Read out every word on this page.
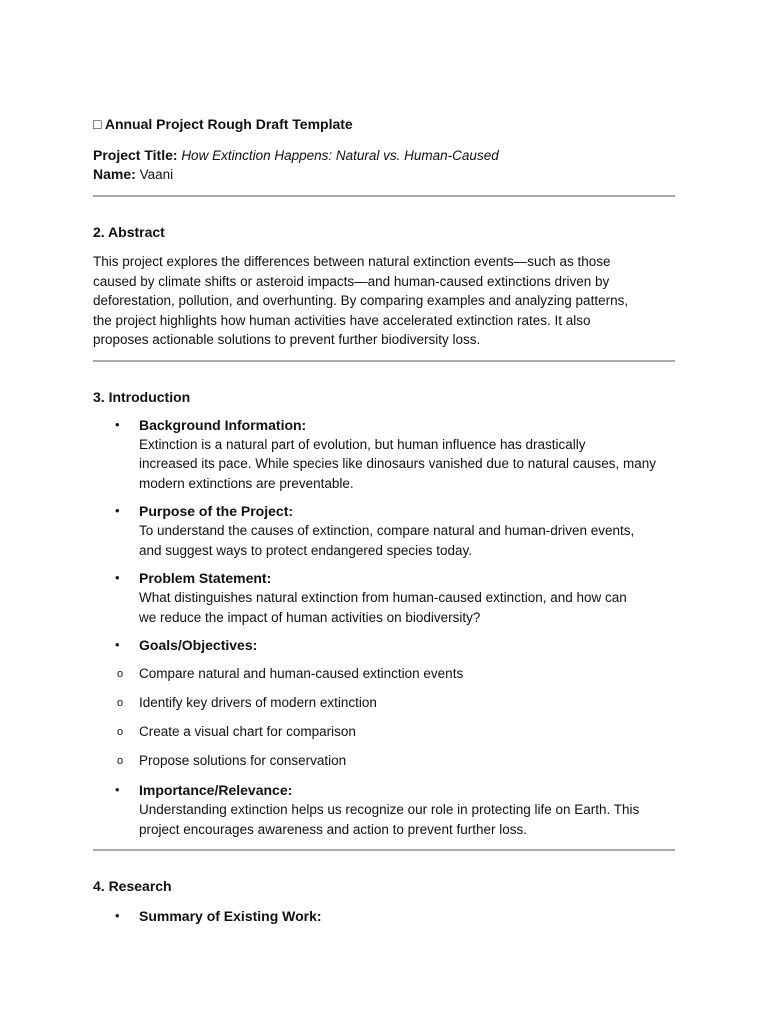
□ Annual Project Rough Draft Template

Project Title: How Extinction Happens: Natural vs. Human-Caused

Name: Vaani

2. Abstract
This project explores the differences between natural extinction events—such as those
caused by climate shifts or asteroid impacts—and human-caused extinctions driven by
deforestation, pollution, and overhunting. By comparing examples and analyzing patterns,
the project highlights how human activities have accelerated extinction rates. It also
proposes actionable solutions to prevent further biodiversity loss.
3. Introduction
• Background Information:
Extinction is a natural part of evolution, but human influence has drastically
increased its pace. While species like dinosaurs vanished due to natural causes, many
modern extinctions are preventable.
• Purpose of the Project:
To understand the causes of extinction, compare natural and human-driven events,
and suggest ways to protect endangered species today.
• Problem Statement:
What distinguishes natural extinction from human-caused extinction, and how can
we reduce the impact of human activities on biodiversity?
• Goals/Objectives:
o Compare natural and human-caused extinction events
o Identify key drivers of modern extinction
o Create a visual chart for comparison
o Propose solutions for conservation
• Importance/Relevance:
Understanding extinction helps us recognize our role in protecting life on Earth. This
project encourages awareness and action to prevent further loss.
4. Research
• Summary of Existing Work:
